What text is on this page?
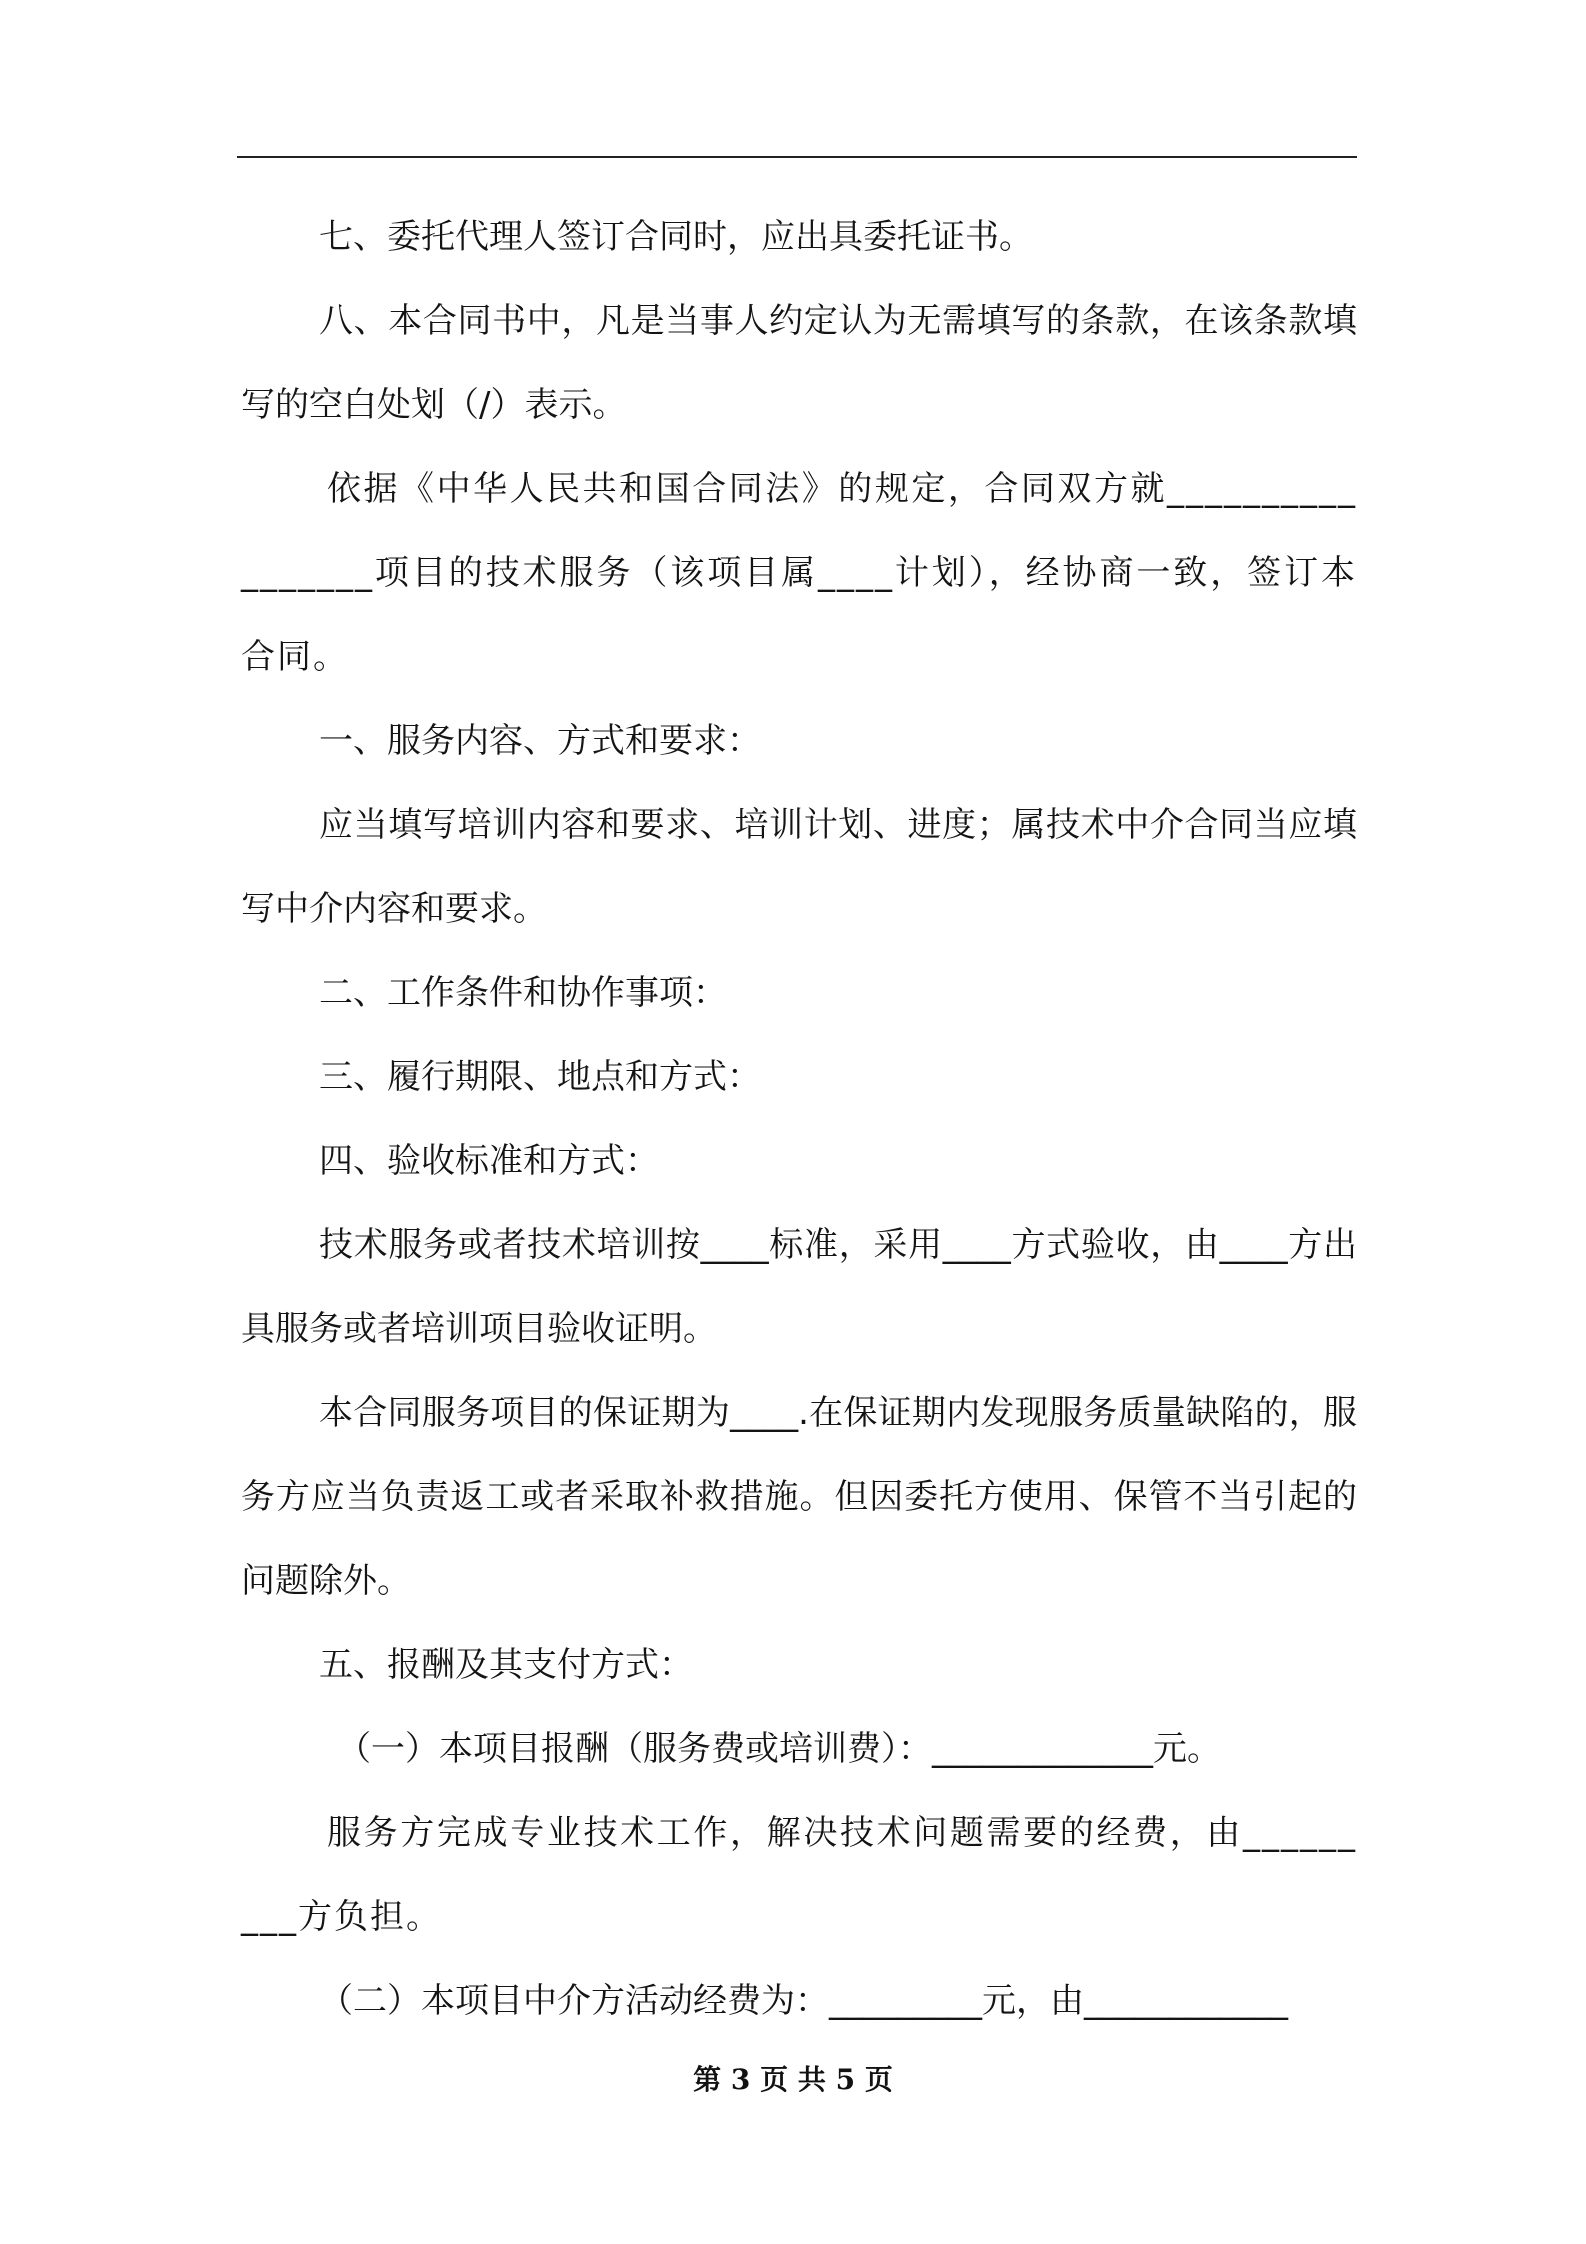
七、委托代理人签订合同时，应出具委托证书。

八、本合同书中，凡是当事人约定认为无需填写的条款，在该条款填写的空白处划（/）表示。

依据《中华人民共和国合同法》的规定，合同双方就_________________项目的技术服务（该项目属____计划），经协商一致，签订本合同。

一、服务内容、方式和要求：

应当填写培训内容和要求、培训计划、进度；属技术中介合同当应填写中介内容和要求。

二、工作条件和协作事项：

三、履行期限、地点和方式：

四、验收标准和方式：

技术服务或者技术培训按____标准，采用____方式验收，由____方出具服务或者培训项目验收证明。

本合同服务项目的保证期为____.在保证期内发现服务质量缺陷的，服务方应当负责返工或者采取补救措施。但因委托方使用、保管不当引起的问题除外。

五、报酬及其支付方式：

（一）本项目报酬（服务费或培训费）：_____________元。

服务方完成专业技术工作，解决技术问题需要的经费，由_________方负担。

（二）本项目中介方活动经费为：_________元，由____________

第 3 页 共 5 页
